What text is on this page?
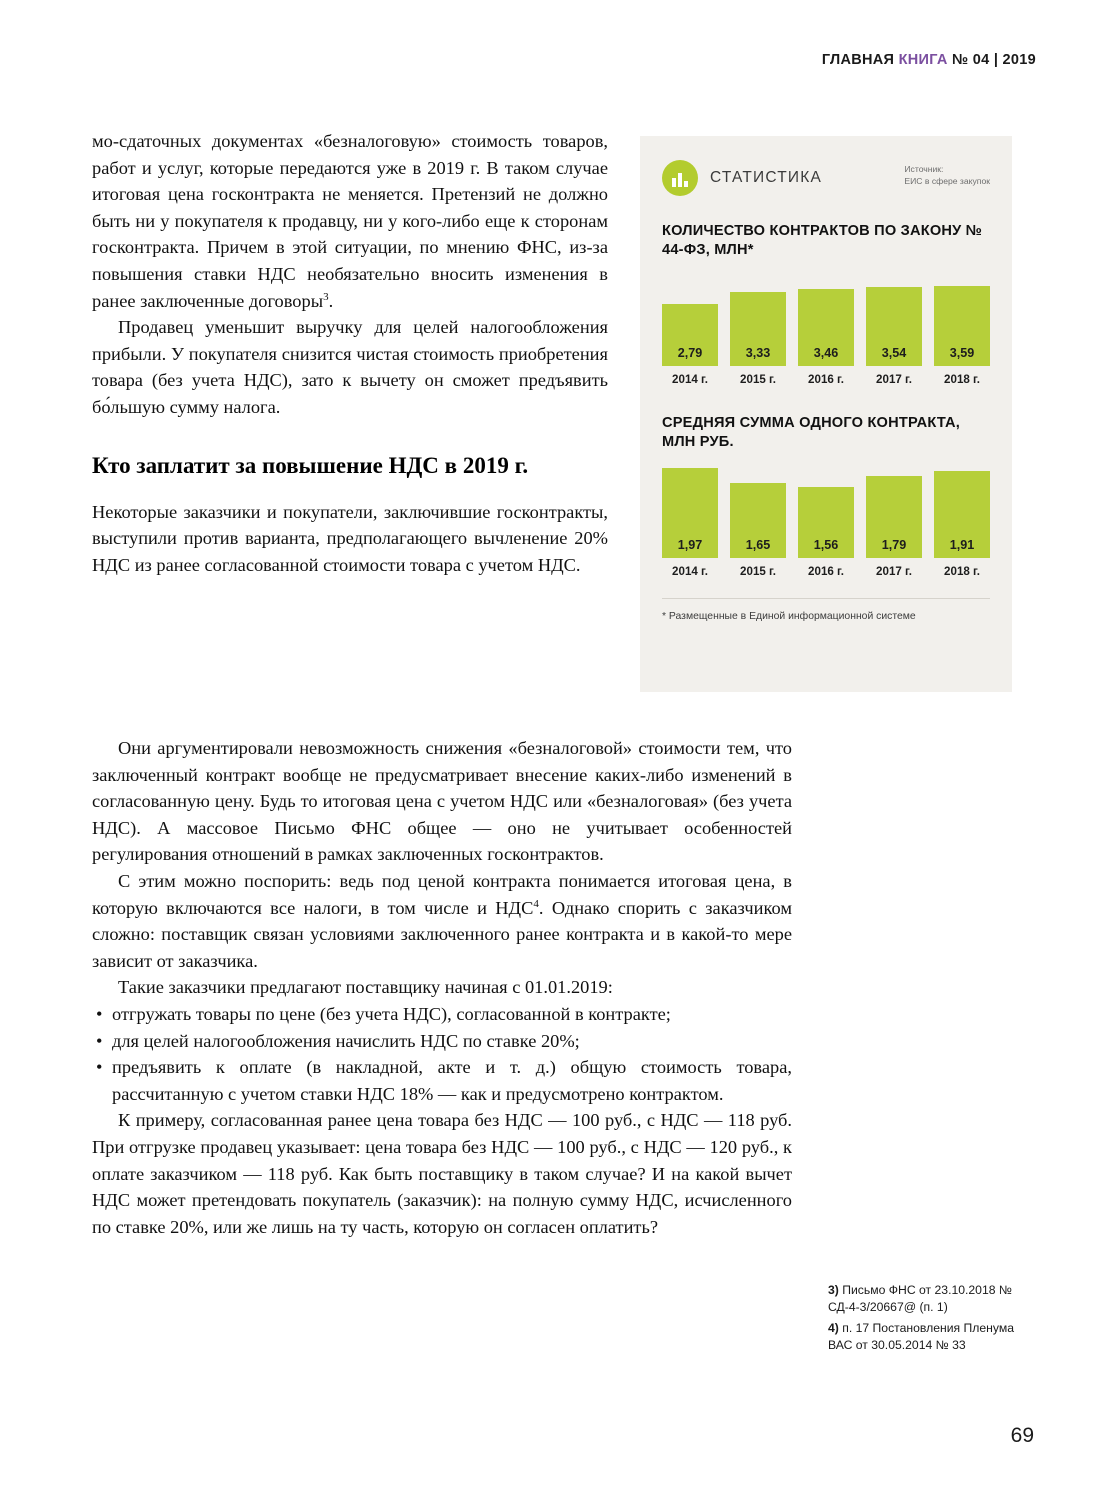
ГЛАВНАЯ КНИГА № 04 | 2019

мо-сдаточных документах «безналоговую» стоимость товаров, работ и услуг, которые передаются уже в 2019 г. В таком случае итоговая цена госконтракта не меняется. Претензий не должно быть ни у покупателя к продавцу, ни у кого-либо еще к сторонам госконтракта. Причем в этой ситуации, по мнению ФНС, из-за повышения ставки НДС необязательно вносить изменения в ранее заключенные договоры$^3$.

Продавец уменьшит выручку для целей налогообложения прибыли. У покупателя снизится чистая стоимость приобретения товара (без учета НДС), зато к вычету он сможет предъявить бо́льшую сумму налога.

Кто заплатит за повышение НДС в 2019 г.

Некоторые заказчики и покупатели, заключившие госконтракты, выступили против варианта, предполагающего вычленение 20% НДС из ранее согласованной стоимости товара с учетом НДС.

СТАТИСТИКА	Источник:
ЕИС в сфере закупок
КОЛИЧЕСТВО КОНТРАКТОВ ПО ЗАКОНУ № 44-ФЗ, МЛН*
2,79	3,33	3,46	3,54	3,59
2014 г.	2015 г.	2016 г.	2017 г.	2018 г.
СРЕДНЯЯ СУММА ОДНОГО КОНТРАКТА, МЛН РУБ.
1,97	1,65	1,56	1,79	1,91
2014 г.	2015 г.	2016 г.	2017 г.	2018 г.
* Размещенные в Единой информационной системе

Они аргументировали невозможность снижения «безналоговой» стоимости тем, что заключенный контракт вообще не предусматривает внесение каких-либо изменений в согласованную цену. Будь то итоговая цена с учетом НДС или «безналоговая» (без учета НДС). А массовое Письмо ФНС общее — оно не учитывает особенностей регулирования отношений в рамках заключенных госконтрактов.

С этим можно поспорить: ведь под ценой контракта понимается итоговая цена, в которую включаются все налоги, в том числе и НДС$^4$. Однако спорить с заказчиком сложно: поставщик связан условиями заключенного ранее контракта и в какой-то мере зависит от заказчика.

Такие заказчики предлагают поставщику начиная с 01.01.2019:

• отгружать товары по цене (без учета НДС), согласованной в контракте;
• для целей налогообложения начислить НДС по ставке 20%;
• предъявить к оплате (в накладной, акте и т. д.) общую стоимость товара, рассчитанную с учетом ставки НДС 18% — как и предусмотрено контрактом.

К примеру, согласованная ранее цена товара без НДС — 100 руб., с НДС — 118 руб. При отгрузке продавец указывает: цена товара без НДС — 100 руб., с НДС — 120 руб., к оплате заказчиком — 118 руб. Как быть поставщику в таком случае? И на какой вычет НДС может претендовать покупатель (заказчик): на полную сумму НДС, исчисленного по ставке 20%, или же лишь на ту часть, которую он согласен оплатить?

3) Письмо ФНС от 23.10.2018 № СД-4-3/20667@ (п. 1)

4) п. 17 Постановления Пленума ВАС от 30.05.2014 № 33

69
